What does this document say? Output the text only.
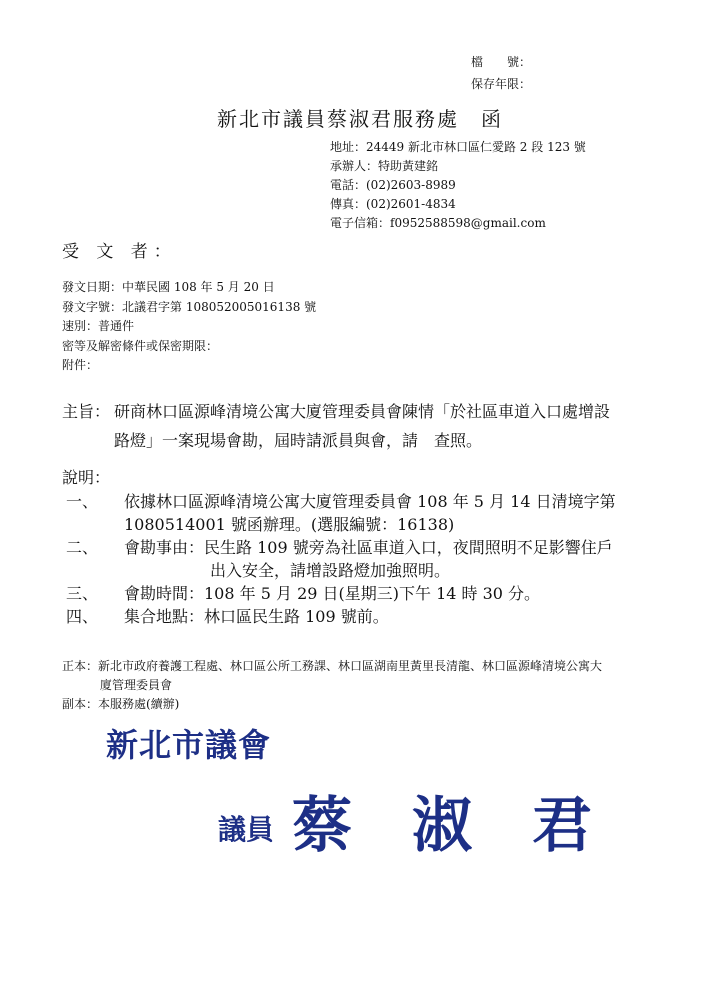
檔　　號：
保存年限：
新北市議員蔡淑君服務處　函
地址：24449 新北市林口區仁愛路 2 段 123 號
承辦人：特助黃建銘
電話：(02)2603-8989
傳真：(02)2601-4834
電子信箱：f0952588598@gmail.com
受 文 者：
發文日期：中華民國 108 年 5 月 20 日
發文字號：北議君字第 108052005016138 號
速別：普通件
密等及解密條件或保密期限：
附件：
主旨： 研商林口區源峰清境公寓大廈管理委員會陳情「於社區車道入口處增設
路燈」一案現場會勘，屆時請派員與會，請　查照。
說明：
一、	依據林口區源峰清境公寓大廈管理委員會 108 年 5 月 14 日清境字第
1080514001 號函辦理。(選服編號：16138)
二、	會勘事由：民生路 109 號旁為社區車道入口，夜間照明不足影響住戶
出入安全，請增設路燈加強照明。
三、	會勘時間：108 年 5 月 29 日(星期三)下午 14 時 30 分。
四、	集合地點：林口區民生路 109 號前。
正本：新北市政府養護工程處、林口區公所工務課、林口區湖南里黃里長清龍、林口區源峰清境公寓大
廈管理委員會
副本：本服務處(續辦)
新北市議會
議員 蔡　淑　君
